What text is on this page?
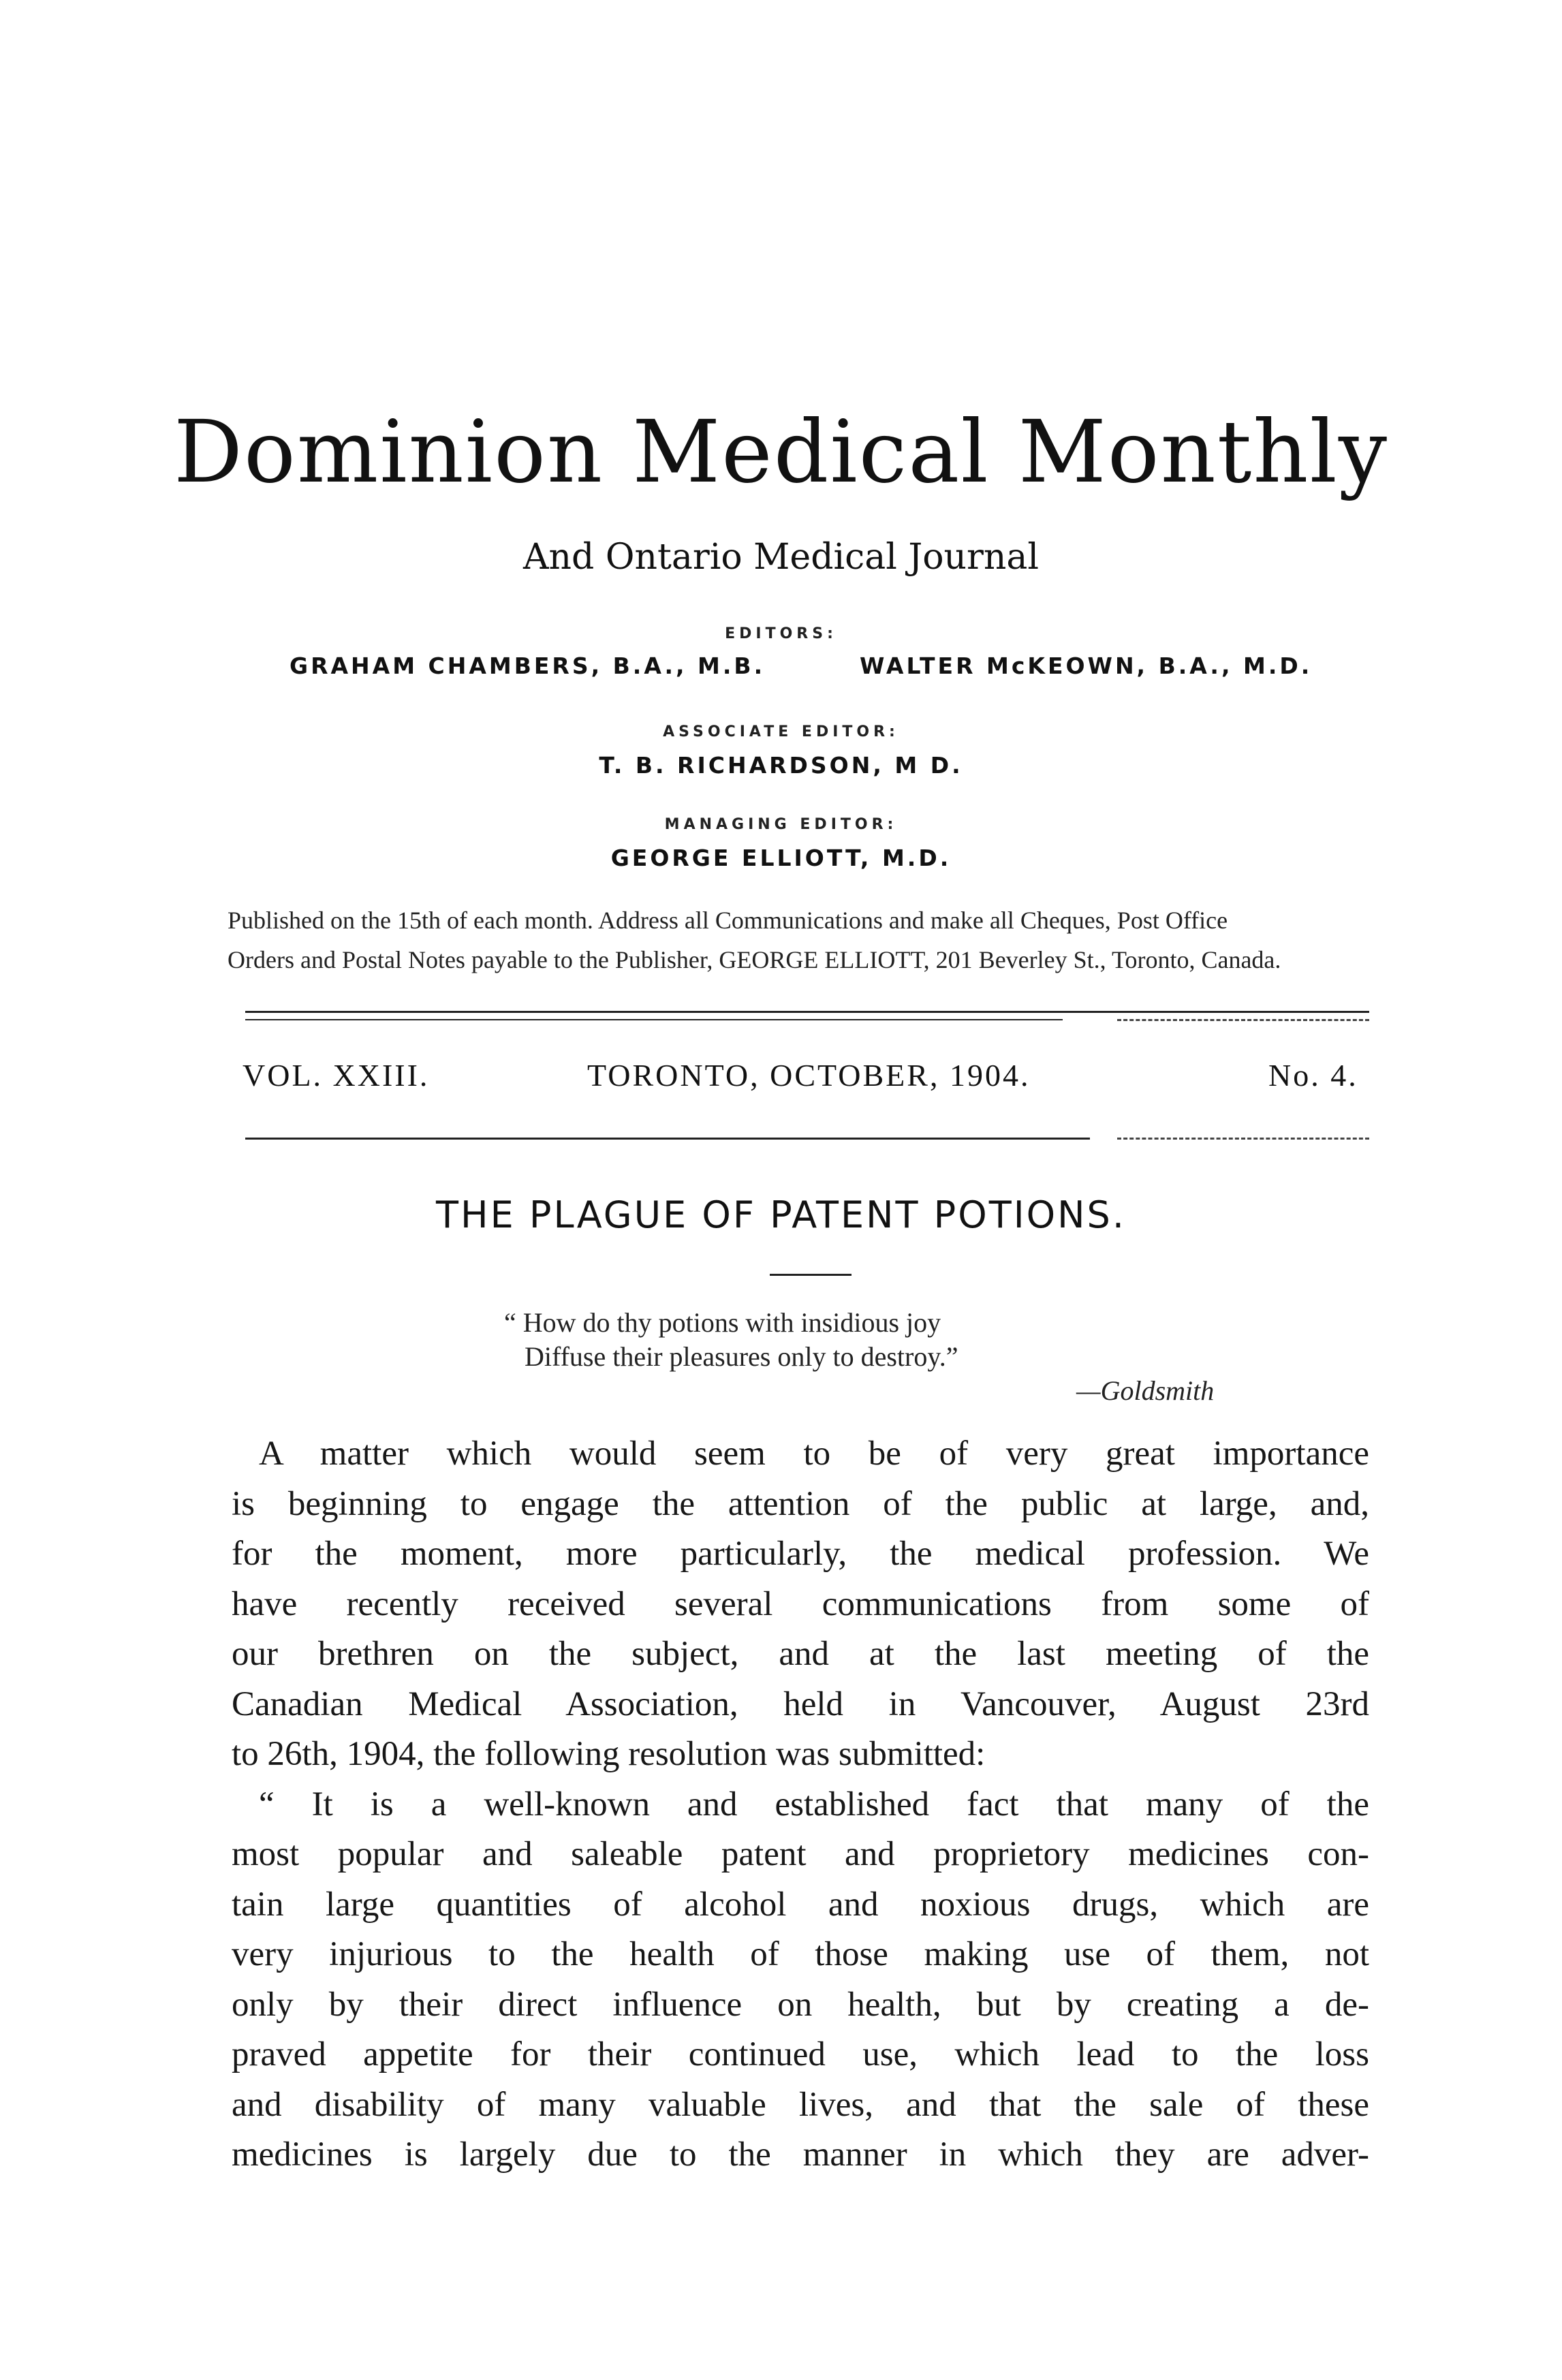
Dominion Medical Monthly
And Ontario Medical Journal
EDITORS:
GRAHAM CHAMBERS, B.A., M.B.	WALTER McKEOWN, B.A., M.D.
ASSOCIATE EDITOR:
T. B. RICHARDSON, M D.
MANAGING EDITOR:
GEORGE ELLIOTT, M.D.
Published on the 15th of each month. Address all Communications and make all Cheques, Post Office
Orders and Postal Notes payable to the Publisher, GEORGE ELLIOTT, 201 Beverley St., Toronto, Canada.
VOL. XXIII.	TORONTO, OCTOBER, 1904.	No. 4.
THE PLAGUE OF PATENT POTIONS.
“ How do thy potions with insidious joy
Diffuse their pleasures only to destroy.”
—Goldsmith
A matter which would seem to be of very great importance
is beginning to engage the attention of the public at large, and,
for the moment, more particularly, the medical profession. We
have recently received several communications from some of
our brethren on the subject, and at the last meeting of the
Canadian Medical Association, held in Vancouver, August 23rd
to 26th, 1904, the following resolution was submitted:
“ It is a well-known and established fact that many of the
most popular and saleable patent and proprietory medicines con-
tain large quantities of alcohol and noxious drugs, which are
very injurious to the health of those making use of them, not
only by their direct influence on health, but by creating a de-
praved appetite for their continued use, which lead to the loss
and disability of many valuable lives, and that the sale of these
medicines is largely due to the manner in which they are adver-
